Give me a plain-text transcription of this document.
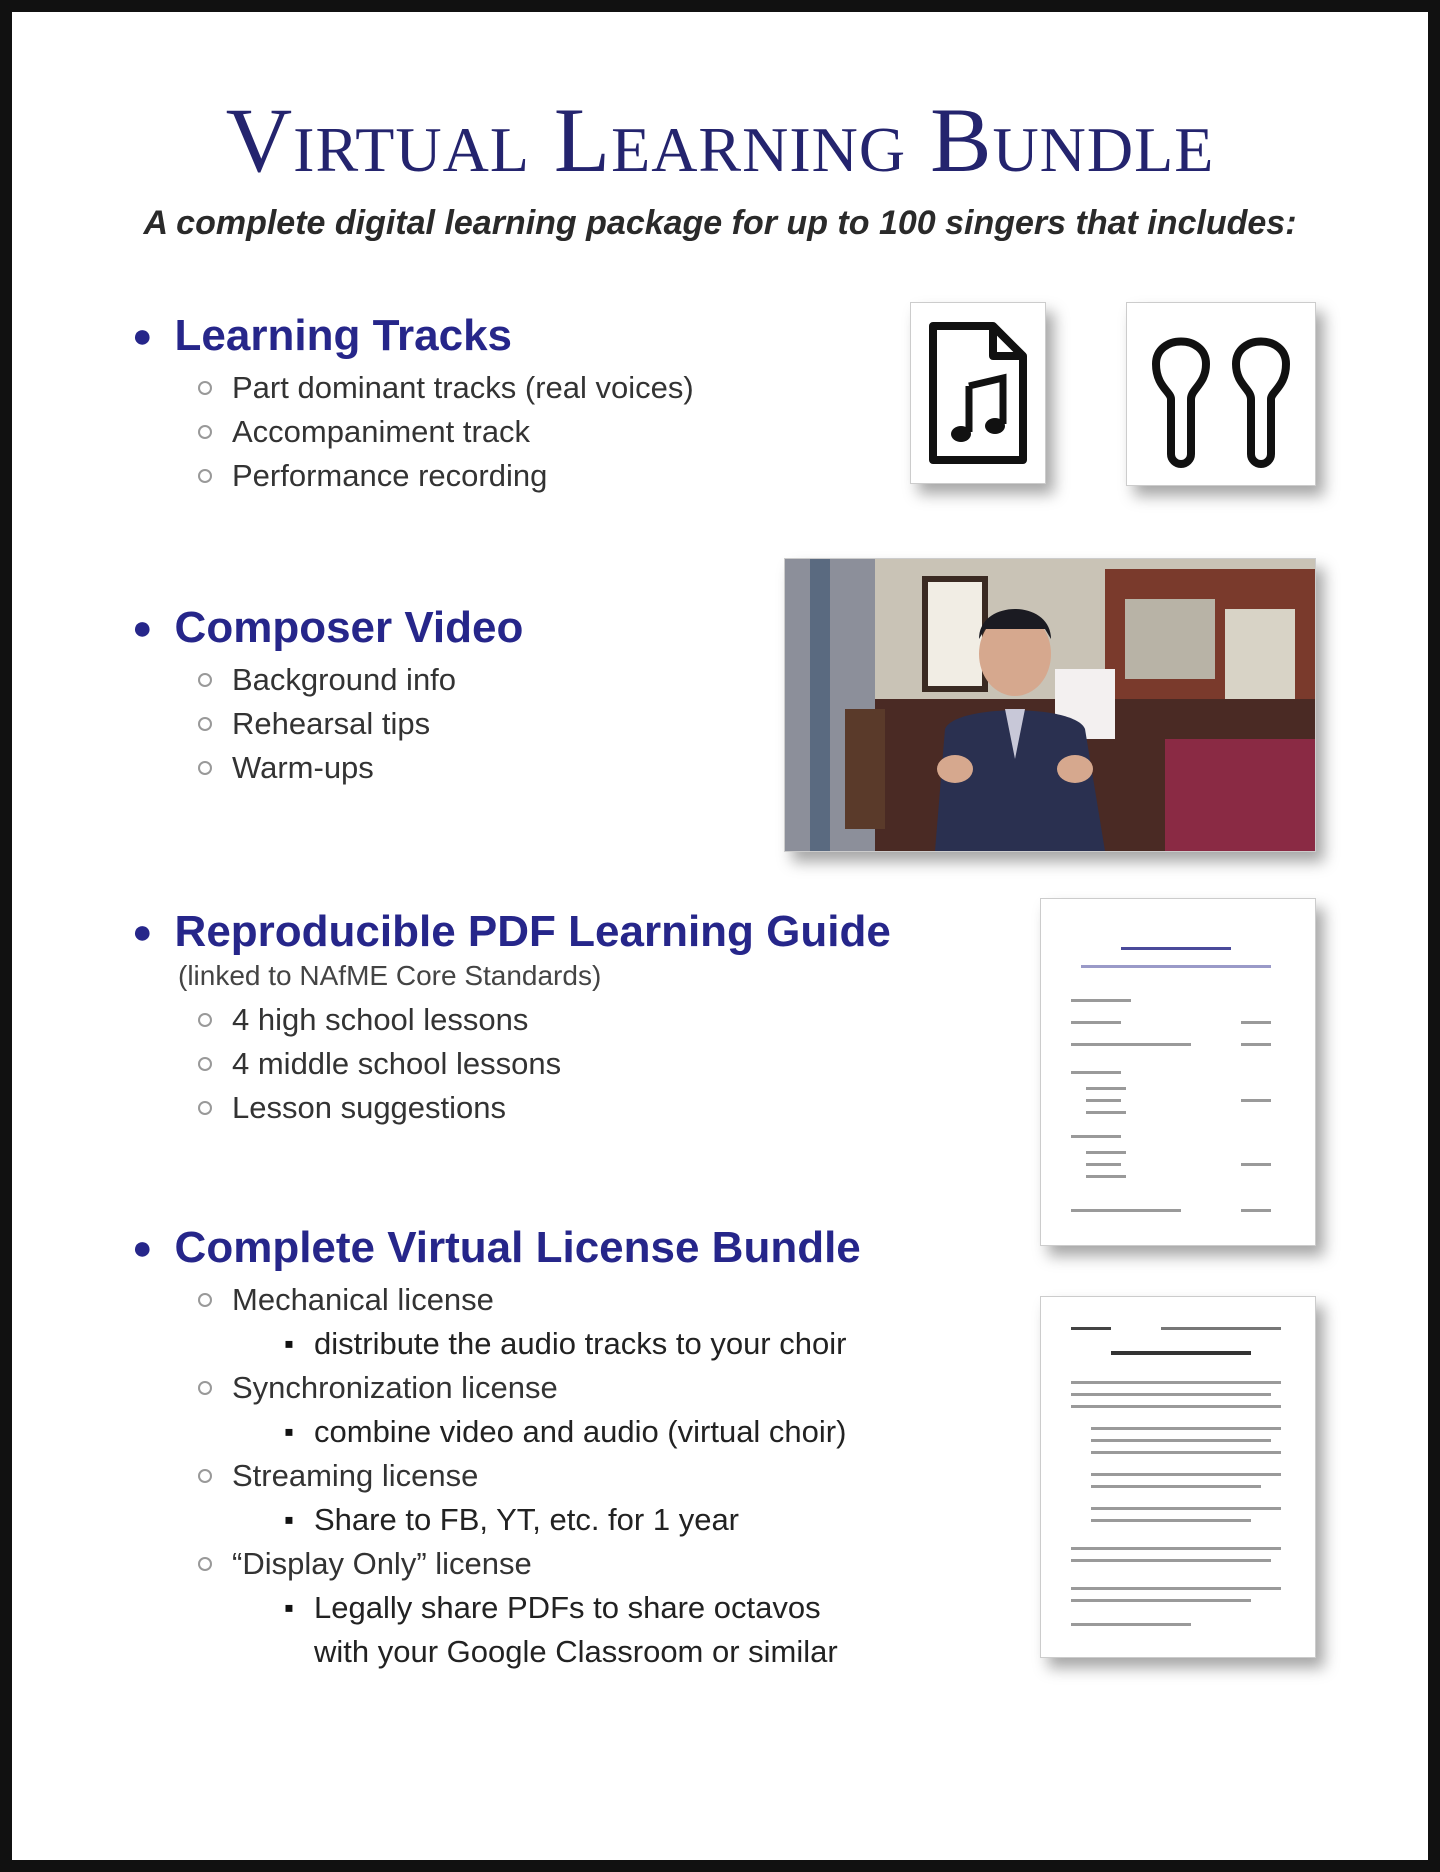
Virtual Learning Bundle
A complete digital learning package for up to 100 singers that includes:
● Learning Tracks
Part dominant tracks (real voices)
Accompaniment track
Performance recording
● Composer Video
Background info
Rehearsal tips
Warm-ups
● Reproducible PDF Learning Guide
(linked to NAfME Core Standards)
4 high school lessons
4 middle school lessons
Lesson suggestions
● Complete Virtual License Bundle
Mechanical license
▪ distribute the audio tracks to your choir
Synchronization license
▪ combine video and audio (virtual choir)
Streaming license
▪ Share to FB, YT, etc. for 1 year
“Display Only” license
▪ Legally share PDFs to share octavos
with your Google Classroom or similar
